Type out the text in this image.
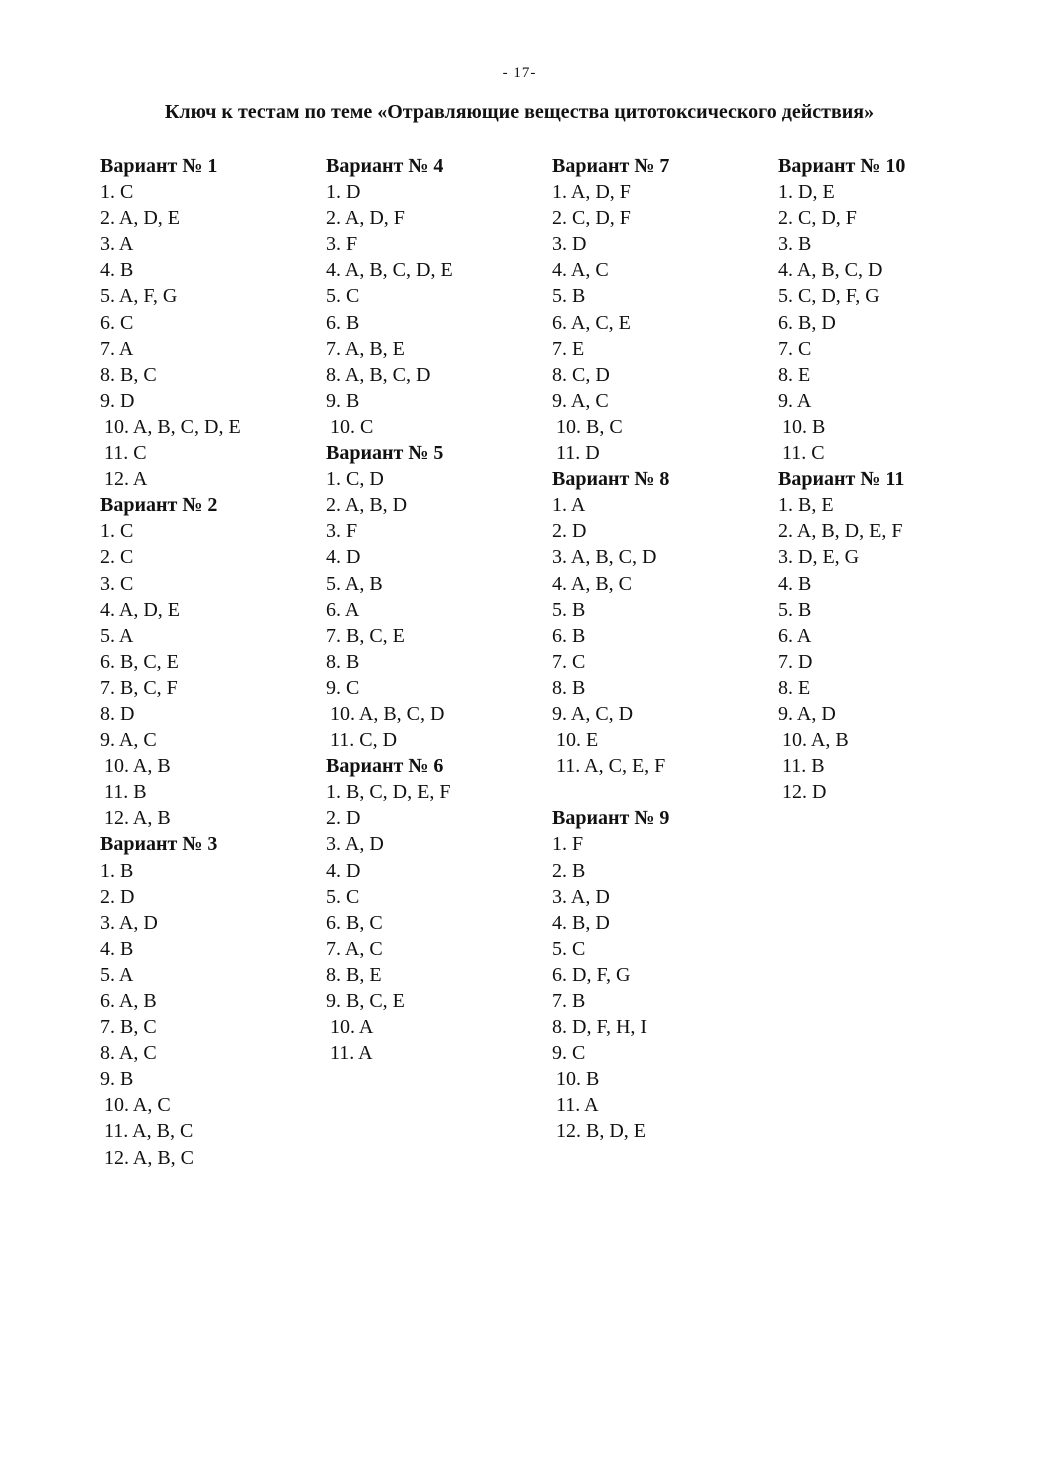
- 17-
Ключ к тестам по теме «Отравляющие вещества цитотоксического действия»
Вариант № 1
1. C
2. A, D, E
3. A
4. B
5. A, F, G
6. C
7. A
8. B, C
9. D
10. A, B, C, D, E
11. C
12. A
Вариант № 2
1. C
2. C
3. C
4. A, D, E
5. A
6. B, C, E
7. B, C, F
8. D
9. A, C
10. A, B
11. B
12. A, B
Вариант № 3
1. B
2. D
3. A, D
4. B
5. A
6. A, B
7. B, C
8. A, C
9. B
10. A, C
11. A, B, C
12. A, B, C
Вариант № 4
1. D
2. A, D, F
3. F
4. A, B, C, D, E
5. C
6. B
7. A, B, E
8. A, B, C, D
9. B
10. C
Вариант № 5
1. C, D
2. A, B, D
3. F
4. D
5. A, B
6. A
7. B, C, E
8. B
9. C
10. A, B, C, D
11. C, D
Вариант № 6
1. B, C, D, E, F
2. D
3. A, D
4. D
5. C
6. B, C
7. A, C
8. B, E
9. B, C, E
10. A
11. A
Вариант № 7
1. A, D, F
2. C, D, F
3. D
4. A, C
5. B
6. A, C, E
7. E
8. C, D
9. A, C
10. B, C
11. D
Вариант № 8
1. A
2. D
3. A, B, C, D
4. A, B, C
5. B
6. B
7. C
8. B
9. A, C, D
10. E
11. A, C, E, F
Вариант № 9
1. F
2. B
3. A, D
4. B, D
5. C
6. D, F, G
7. B
8. D, F, H, I
9. C
10. B
11. A
12. B, D, E
Вариант № 10
1. D, E
2. C, D, F
3. B
4. A, B, C, D
5. C, D, F, G
6. B, D
7. C
8. E
9. A
10. B
11. C
Вариант № 11
1. B, E
2. A, B, D, E, F
3. D, E, G
4. B
5. B
6. A
7. D
8. E
9. A, D
10. A, B
11. B
12. D
